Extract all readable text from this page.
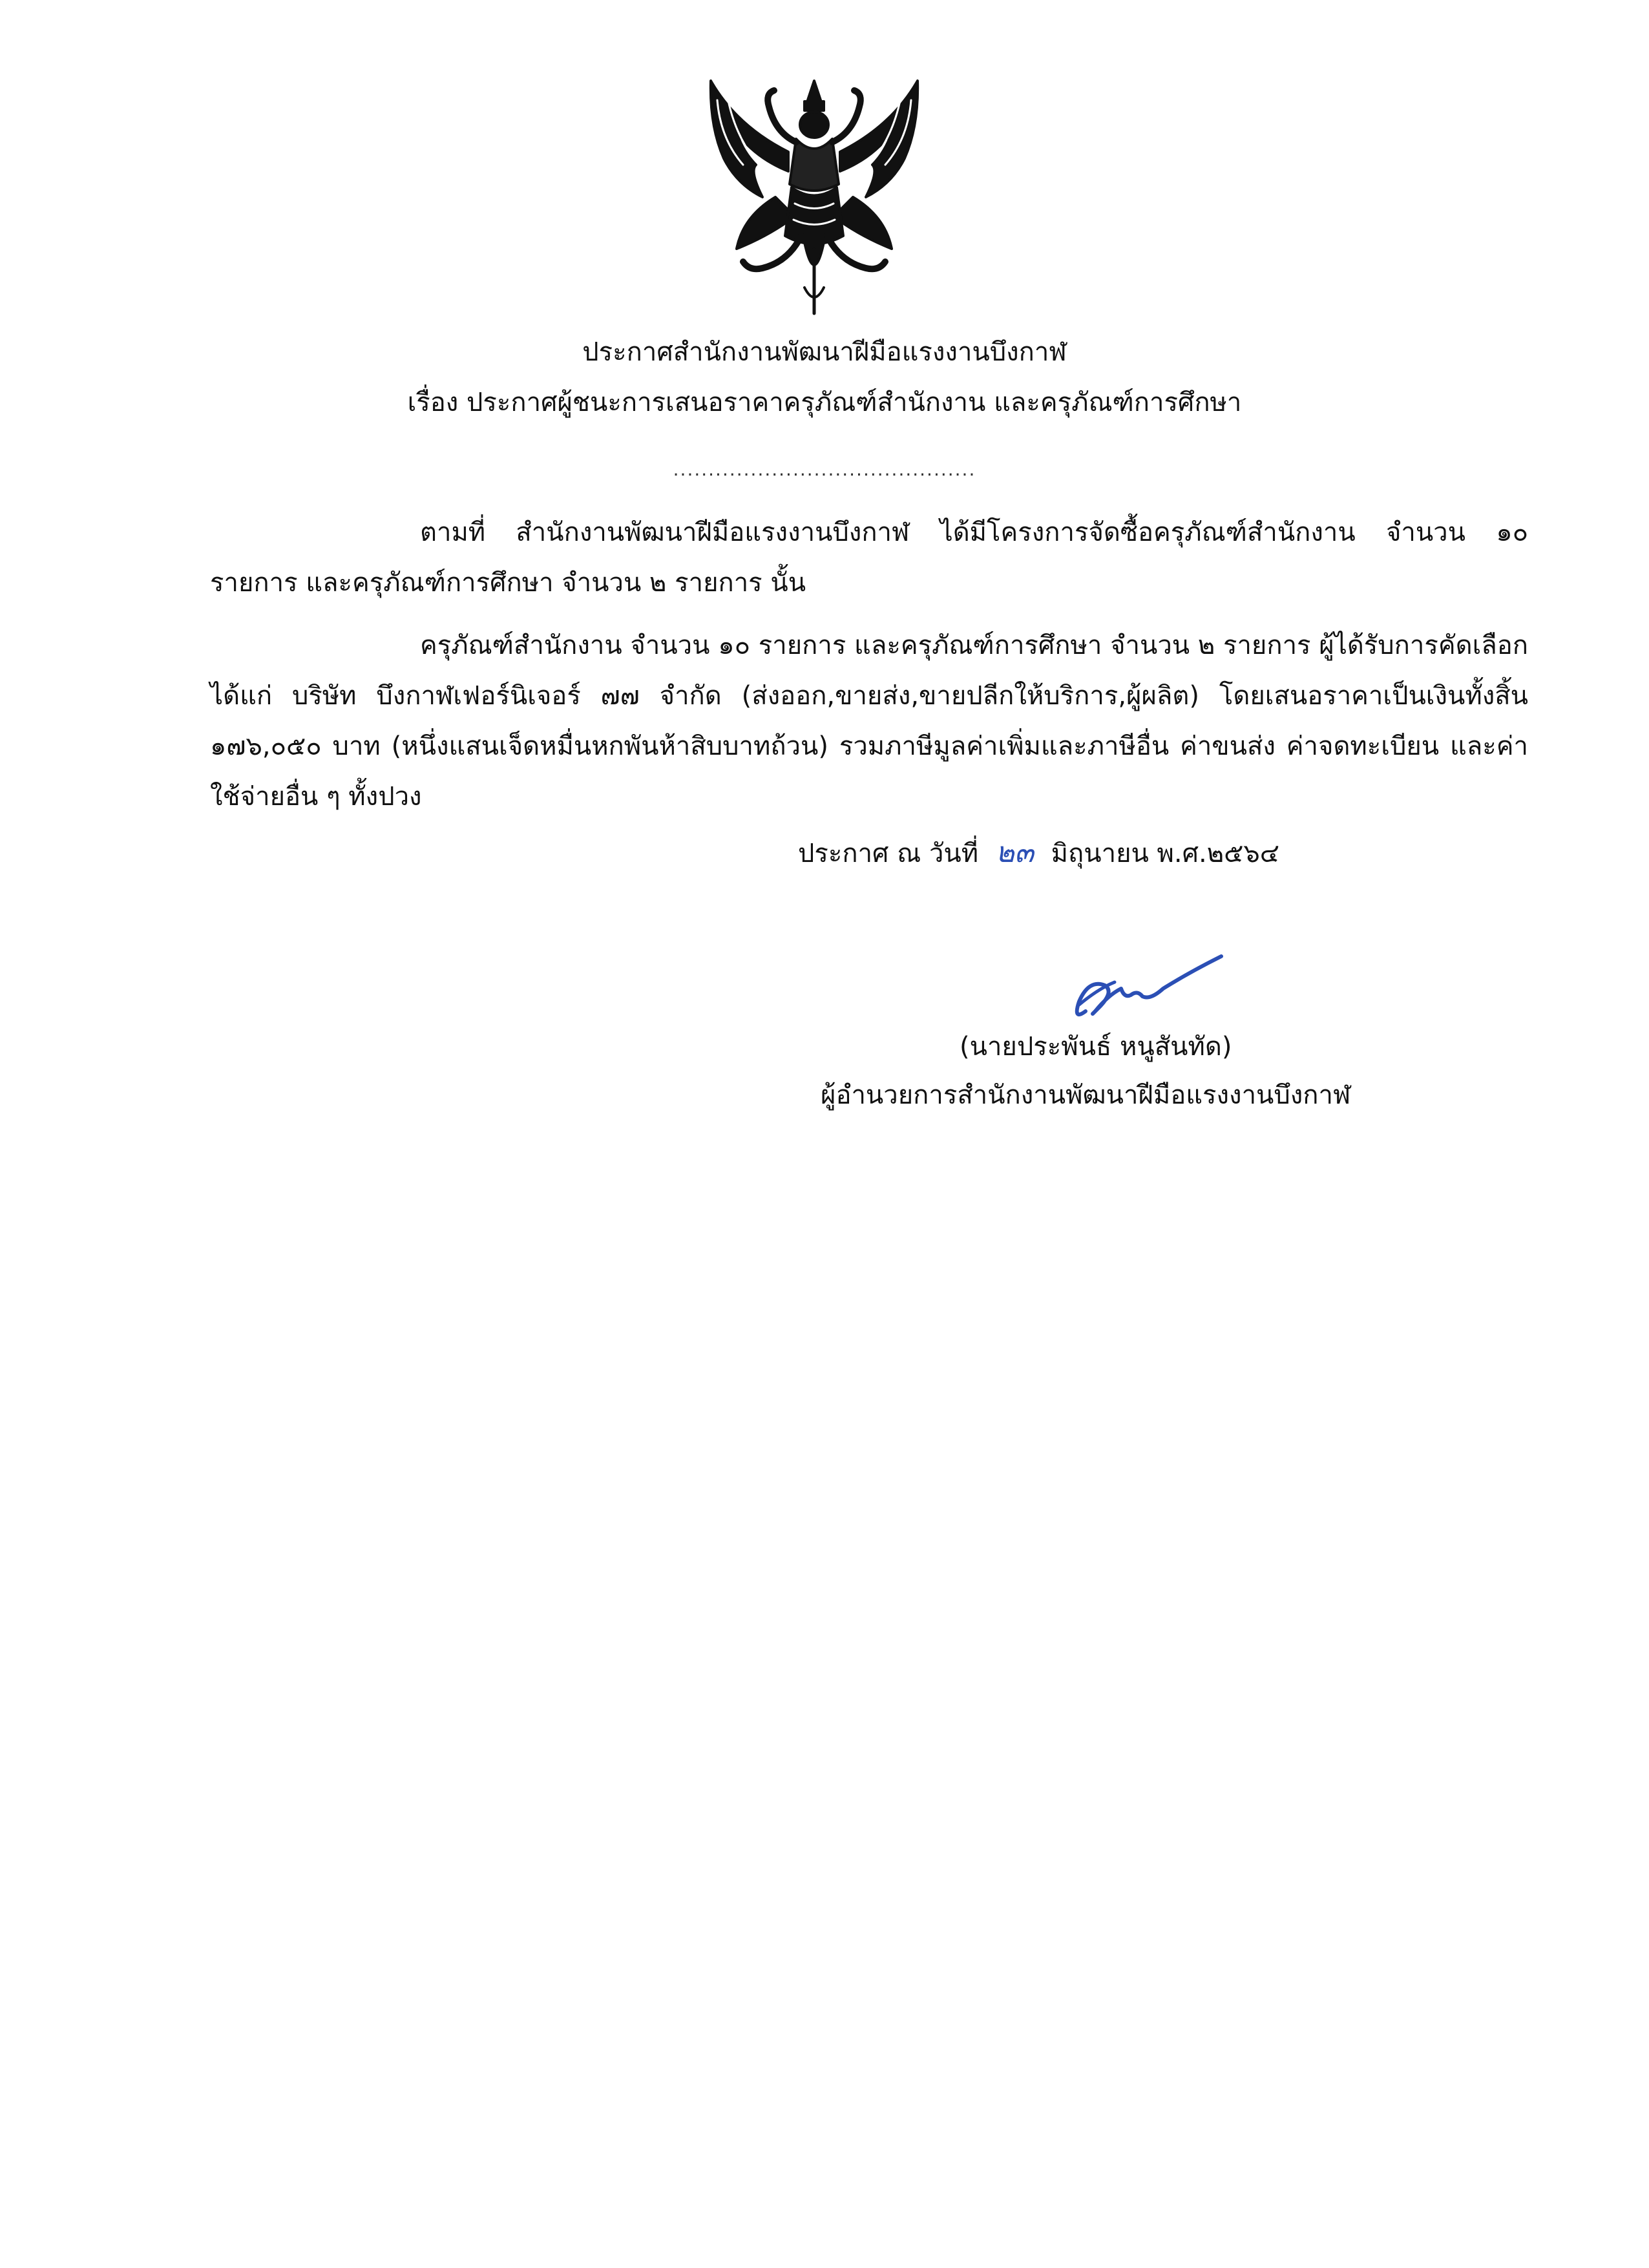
ประกาศสำนักงานพัฒนาฝีมือแรงงานบึงกาฬ
เรื่อง ประกาศผู้ชนะการเสนอราคาครุภัณฑ์สำนักงาน และครุภัณฑ์การศึกษา
...........................................
ตามที่ สำนักงานพัฒนาฝีมือแรงงานบึงกาฬ ได้มีโครงการจัดซื้อครุภัณฑ์สำนักงาน จำนวน ๑๐ รายการ และครุภัณฑ์การศึกษา จำนวน ๒ รายการ นั้น
ครุภัณฑ์สำนักงาน จำนวน ๑๐ รายการ และครุภัณฑ์การศึกษา จำนวน ๒ รายการ ผู้ได้รับการคัดเลือก ได้แก่ บริษัท บึงกาฬเฟอร์นิเจอร์ ๗๗ จำกัด (ส่งออก,ขายส่ง,ขายปลีกให้บริการ,ผู้ผลิต) โดยเสนอราคาเป็นเงินทั้งสิ้น ๑๗๖,๐๕๐ บาท (หนึ่งแสนเจ็ดหมื่นหกพันห้าสิบบาทถ้วน) รวมภาษีมูลค่าเพิ่มและภาษีอื่น ค่าขนส่ง ค่าจดทะเบียน และค่าใช้จ่ายอื่น ๆ ทั้งปวง
ประกาศ ณ วันที่ ๒๓ มิถุนายน พ.ศ.๒๕๖๔
(นายประพันธ์ หนูสันทัด)
ผู้อำนวยการสำนักงานพัฒนาฝีมือแรงงานบึงกาฬ
